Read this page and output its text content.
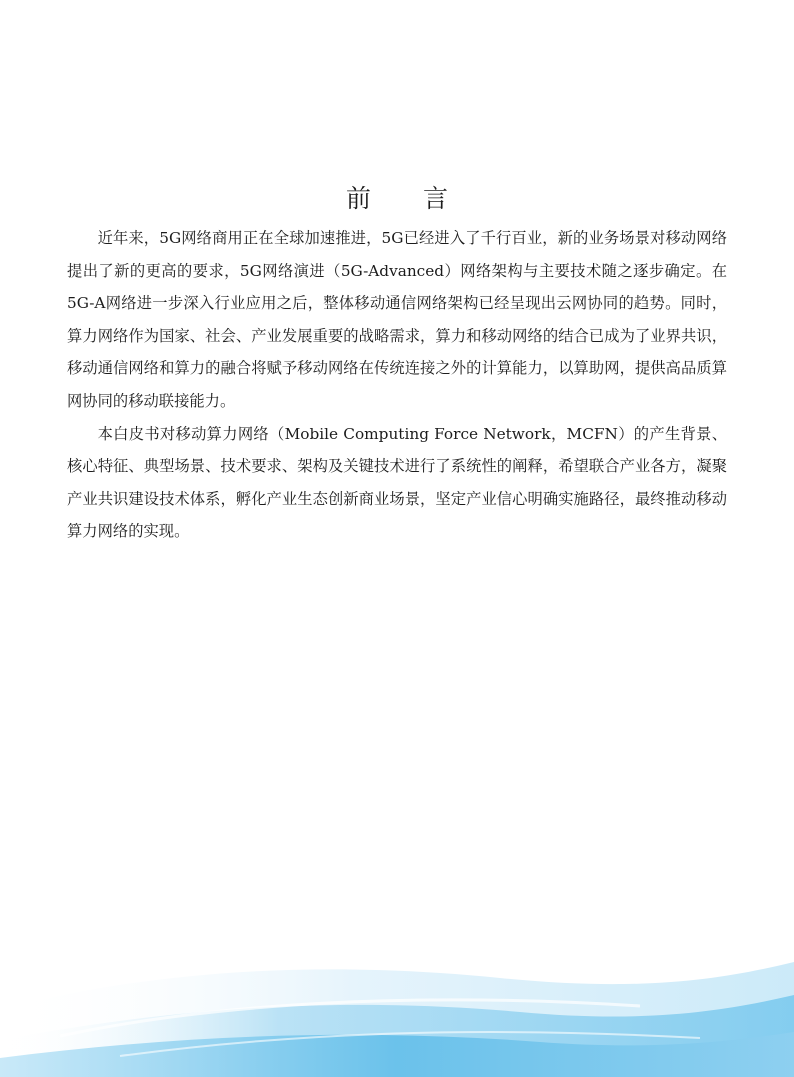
前 言

近年来，5G网络商用正在全球加速推进，5G已经进入了千行百业，新的业务场景对移动网络提出了新的更高的要求，5G网络演进（5G-Advanced）网络架构与主要技术随之逐步确定。在5G-A网络进一步深入行业应用之后，整体移动通信网络架构已经呈现出云网协同的趋势。同时，算力网络作为国家、社会、产业发展重要的战略需求，算力和移动网络的结合已成为了业界共识，移动通信网络和算力的融合将赋予移动网络在传统连接之外的计算能力，以算助网，提供高品质算网协同的移动联接能力。

本白皮书对移动算力网络（Mobile Computing Force Network，MCFN）的产生背景、核心特征、典型场景、技术要求、架构及关键技术进行了系统性的阐释，希望联合产业各方，凝聚产业共识建设技术体系，孵化产业生态创新商业场景，坚定产业信心明确实施路径，最终推动移动算力网络的实现。
